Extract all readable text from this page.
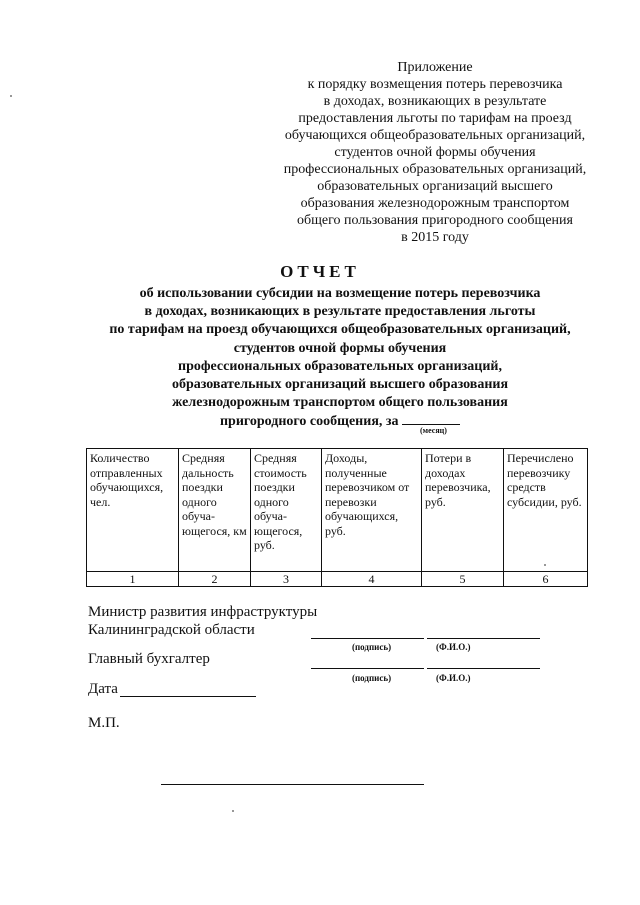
Приложение
к порядку возмещения потерь перевозчика
в доходах, возникающих в результате
предоставления льготы по тарифам на проезд
обучающихся общеобразовательных организаций,
студентов очной формы обучения
профессиональных образовательных организаций,
образовательных организаций высшего
образования железнодорожным транспортом
общего пользования пригородного сообщения
в 2015 году
ОТЧЕТ
об использовании субсидии на возмещение потерь перевозчика
в доходах, возникающих в результате предоставления льготы
по тарифам на проезд обучающихся общеобразовательных организаций,
студентов очной формы обучения
профессиональных образовательных организаций,
образовательных организаций высшего образования
железнодорожным транспортом общего пользования
пригородного сообщения, за
(месяц)
Количество отправленных обучающихся, чел.	Средняя дальность поездки одного обуча-ющегося, км	Средняя стоимость поездки одного обуча-ющегося, руб.	Доходы, полученные перевозчиком от перевозки обучающихся, руб.	Потери в доходах перевозчика, руб.	Перечислено перевозчику средств субсидии, руб.
1	2	3	4	5	6
Министр развития инфраструктуры
Калининградской области
(подпись)	(Ф.И.О.)
Главный бухгалтер
(подпись)	(Ф.И.О.)
Дата
М.П.
